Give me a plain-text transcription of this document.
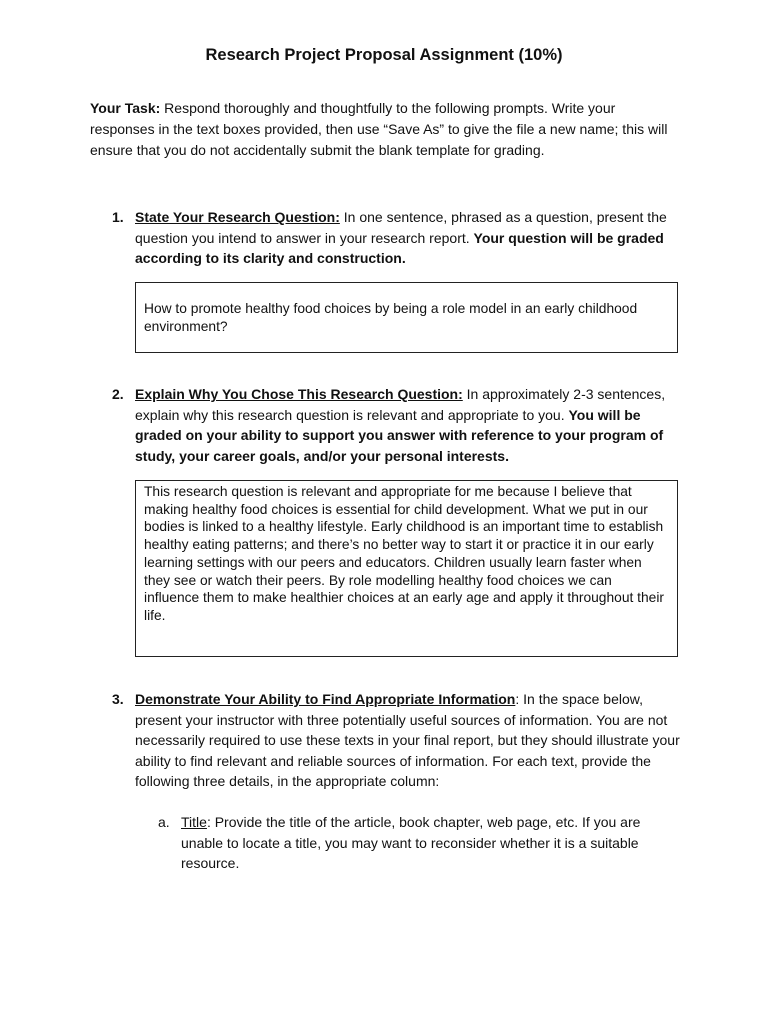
Research Project Proposal Assignment (10%)
Your Task: Respond thoroughly and thoughtfully to the following prompts. Write your responses in the text boxes provided, then use “Save As” to give the file a new name; this will ensure that you do not accidentally submit the blank template for grading.
1. State Your Research Question: In one sentence, phrased as a question, present the question you intend to answer in your research report. Your question will be graded according to its clarity and construction.
How to promote healthy food choices by being a role model in an early childhood environment?
2. Explain Why You Chose This Research Question: In approximately 2-3 sentences, explain why this research question is relevant and appropriate to you. You will be graded on your ability to support you answer with reference to your program of study, your career goals, and/or your personal interests.
This research question is relevant and appropriate for me because I believe that making healthy food choices is essential for child development. What we put in our bodies is linked to a healthy lifestyle. Early childhood is an important time to establish healthy eating patterns; and there’s no better way to start it or practice it in our early learning settings with our peers and educators. Children usually learn faster when they see or watch their peers. By role modelling healthy food choices we can influence them to make healthier choices at an early age and apply it throughout their life.
3. Demonstrate Your Ability to Find Appropriate Information: In the space below, present your instructor with three potentially useful sources of information. You are not necessarily required to use these texts in your final report, but they should illustrate your ability to find relevant and reliable sources of information. For each text, provide the following three details, in the appropriate column:
a. Title: Provide the title of the article, book chapter, web page, etc. If you are unable to locate a title, you may want to reconsider whether it is a suitable resource.
